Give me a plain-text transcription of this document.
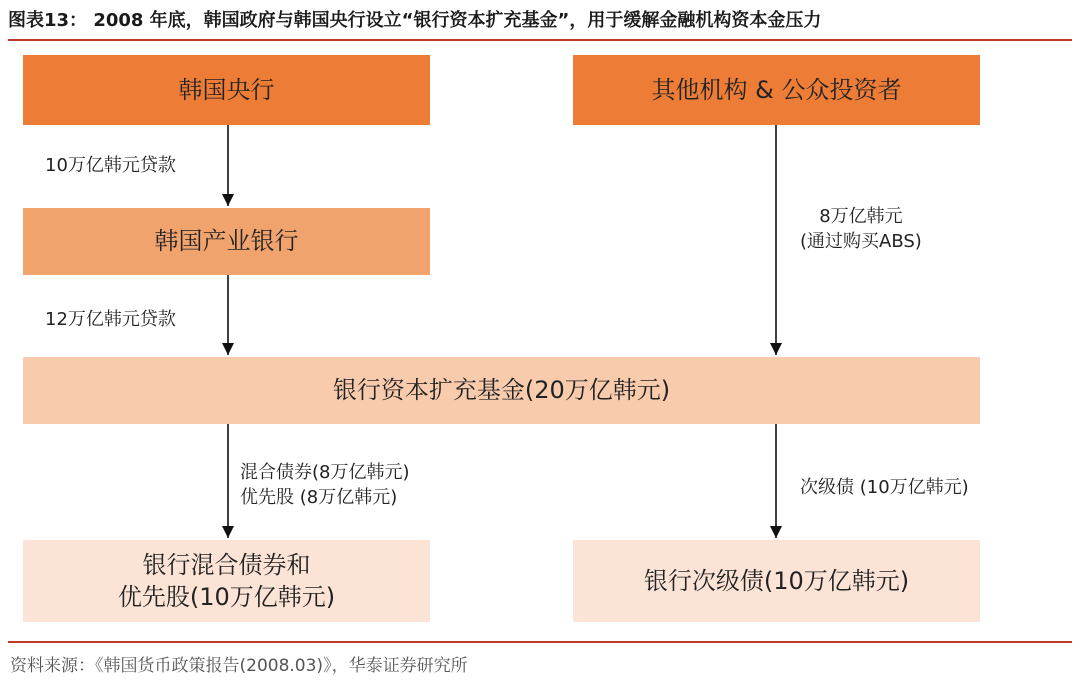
图表13： 2008 年底，韩国政府与韩国央行设立“银行资本扩充基金”，用于缓解金融机构资本金压力
韩国央行	其他机构 & 公众投资者
韩国产业银行
银行资本扩充基金(20万亿韩元)
银行混合债券和
优先股(10万亿韩元)
银行次级债(10万亿韩元)
10万亿韩元贷款
12万亿韩元贷款
8万亿韩元
(通过购买ABS)
混合债券(8万亿韩元)
优先股 (8万亿韩元)	次级债 (10万亿韩元)
资料来源：《韩国货币政策报告(2008.03)》，华泰证券研究所
